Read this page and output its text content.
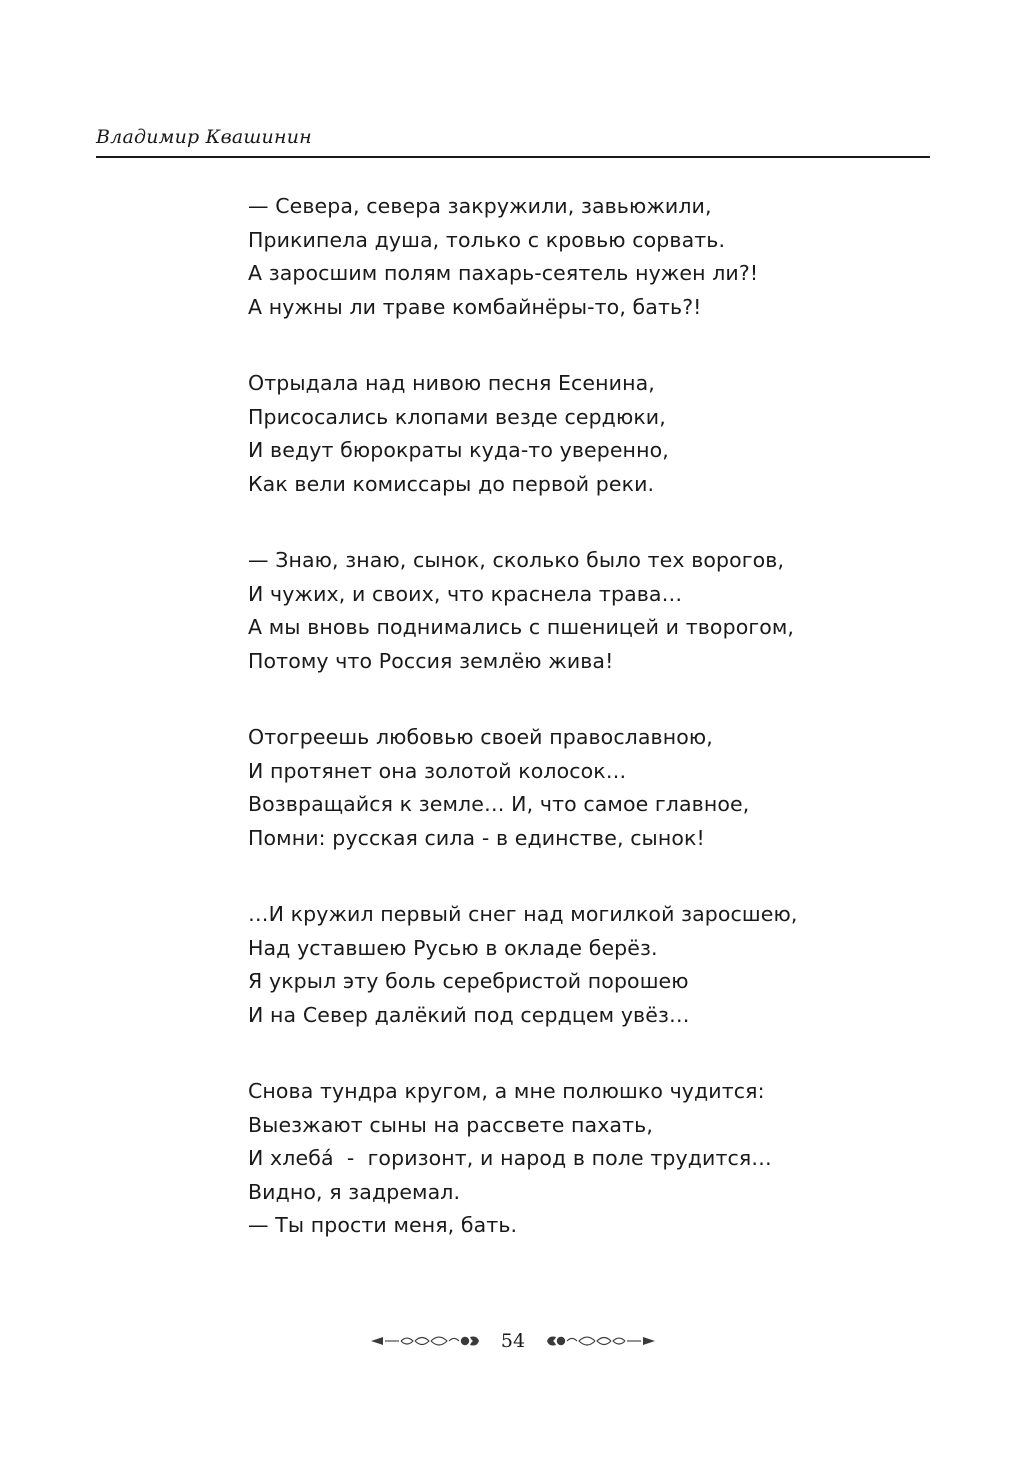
Владимир Квашинин
— Севера, севера закружили, завьюжили,
Прикипела душа, только с кровью сорвать.
А заросшим полям пахарь-сеятель нужен ли?!
А нужны ли траве комбайнёры-то, бать?!
Отрыдала над нивою песня Есенина,
Присосались клопами везде сердюки,
И ведут бюрократы куда-то уверенно,
Как вели комиссары до первой реки.
— Знаю, знаю, сынок, сколько было тех ворогов,
И чужих, и своих, что краснела трава…
А мы вновь поднимались с пшеницей и творогом,
Потому что Россия землёю жива!
Отогреешь любовью своей православною,
И протянет она золотой колосок…
Возвращайся к земле… И, что самое главное,
Помни: русская сила - в единстве, сынок!
…И кружил первый снег над могилкой заросшею,
Над уставшею Русью в окладе берёз.
Я укрыл эту боль серебристой порошею
И на Север далёкий под сердцем увёз…
Снова тундра кругом, а мне полюшко чудится:
Выезжают сыны на рассвете пахать,
И хлеба́  -  горизонт, и народ в поле трудится…
Видно, я задремал.
— Ты прости меня, бать.
54
